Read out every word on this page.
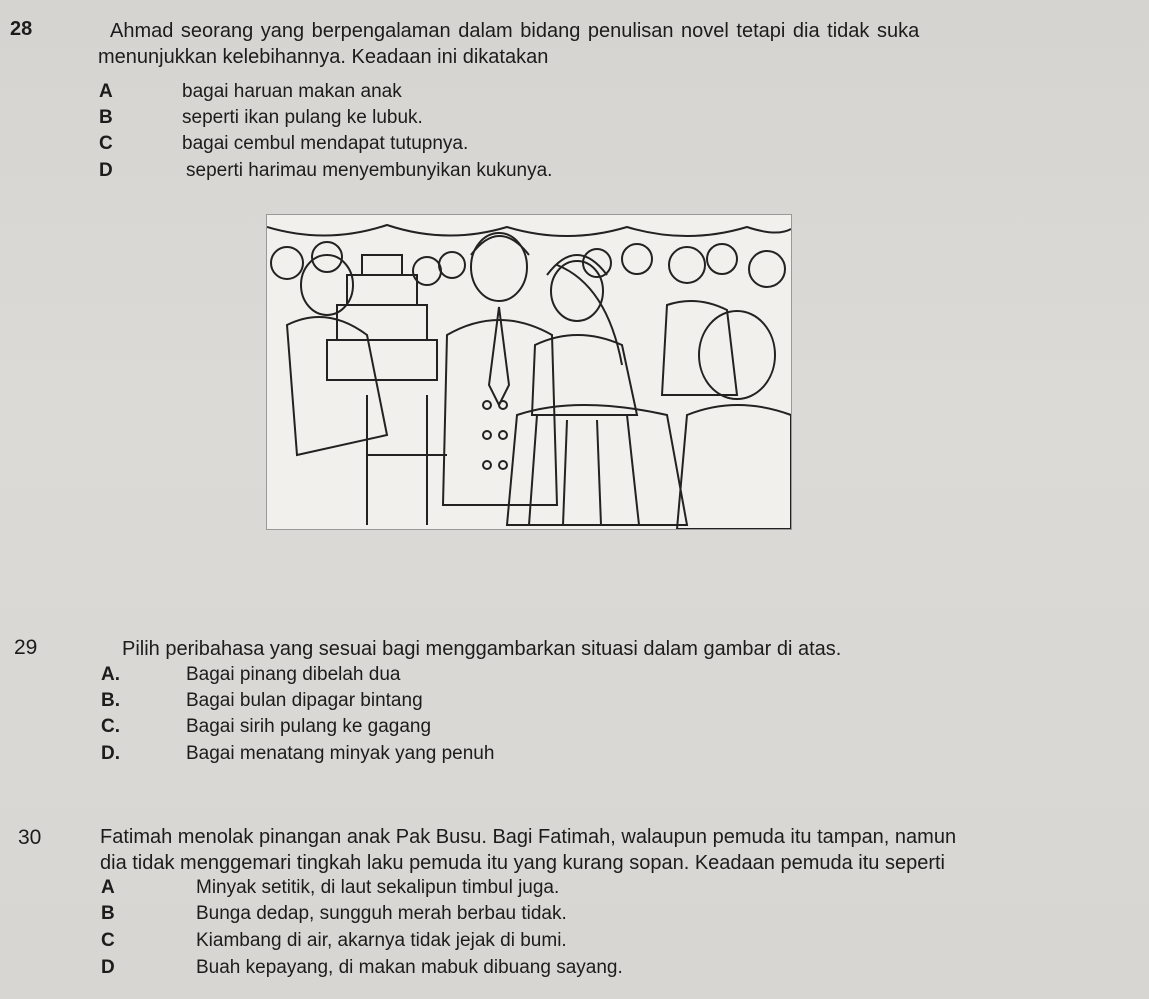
28	Ahmad seorang yang berpengalaman dalam bidang penulisan novel tetapi dia tidak suka
menunjukkan kelebihannya. Keadaan ini dikatakan
A	bagai haruan makan anak
B	seperti ikan pulang ke lubuk.
C	bagai cembul mendapat tutupnya.
D	seperti harimau menyembunyikan kukunya.
29	Pilih peribahasa yang sesuai bagi menggambarkan situasi dalam gambar di atas.
A.	Bagai pinang dibelah dua
B.	Bagai bulan dipagar bintang
C.	Bagai sirih pulang ke gagang
D.	Bagai menatang minyak yang penuh
30	Fatimah menolak pinangan anak Pak Busu. Bagi Fatimah, walaupun pemuda itu tampan, namun
dia tidak menggemari tingkah laku pemuda itu yang kurang sopan. Keadaan pemuda itu seperti
A	Minyak setitik, di laut sekalipun timbul juga.
B	Bunga dedap, sungguh merah berbau tidak.
C	Kiambang di air, akarnya tidak jejak di bumi.
D	Buah kepayang, di makan mabuk dibuang sayang.
